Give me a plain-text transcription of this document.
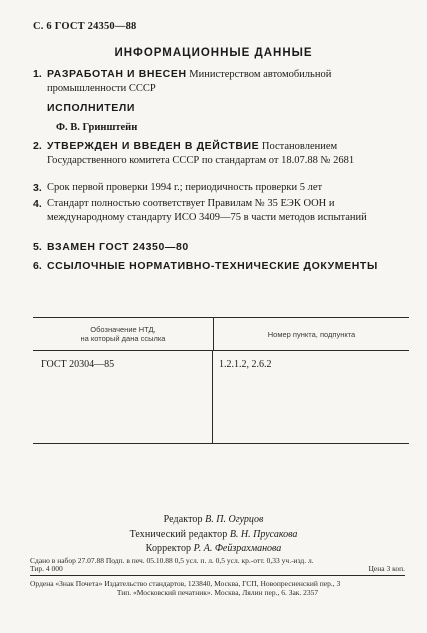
С. 6 ГОСТ 24350—88
ИНФОРМАЦИОННЫЕ ДАННЫЕ
1. РАЗРАБОТАН И ВНЕСЕН Министерством автомобильной промышленности СССР
ИСПОЛНИТЕЛИ
Ф. В. Гринштейн
2. УТВЕРЖДЕН И ВВЕДЕН В ДЕЙСТВИЕ Постановлением Государственного комитета СССР по стандартам от 18.07.88 № 2681
3. Срок первой проверки 1994 г.; периодичность проверки 5 лет
4. Стандарт полностью соответствует Правилам № 35 ЕЭК ООН и международному стандарту ИСО 3409—75 в части методов испытаний
5. ВЗАМЕН ГОСТ 24350—80
6. ССЫЛОЧНЫЕ НОРМАТИВНО-ТЕХНИЧЕСКИЕ ДОКУМЕНТЫ
Обозначение НТД,
на который дана ссылка	Номер пункта, подпункта
ГОСТ 20304—85	1.2.1.2, 2.6.2
Редактор В. П. Огурцов
Технический редактор В. Н. Прусакова
Корректор Р. А. Фейзрахманова
Сдано в набор 27.07.88 Подп. в печ. 05.10.88 0,5 усл. п. л. 0,5 усл. кр.-отт. 0,33 уч.-изд. л.
Тир. 4 000	Цена 3 коп.
Ордена «Знак Почета» Издательство стандартов, 123840, Москва, ГСП, Новопресненский пер., 3
Тип. «Московский печатник». Москва, Лялин пер., 6. Зак. 2357
